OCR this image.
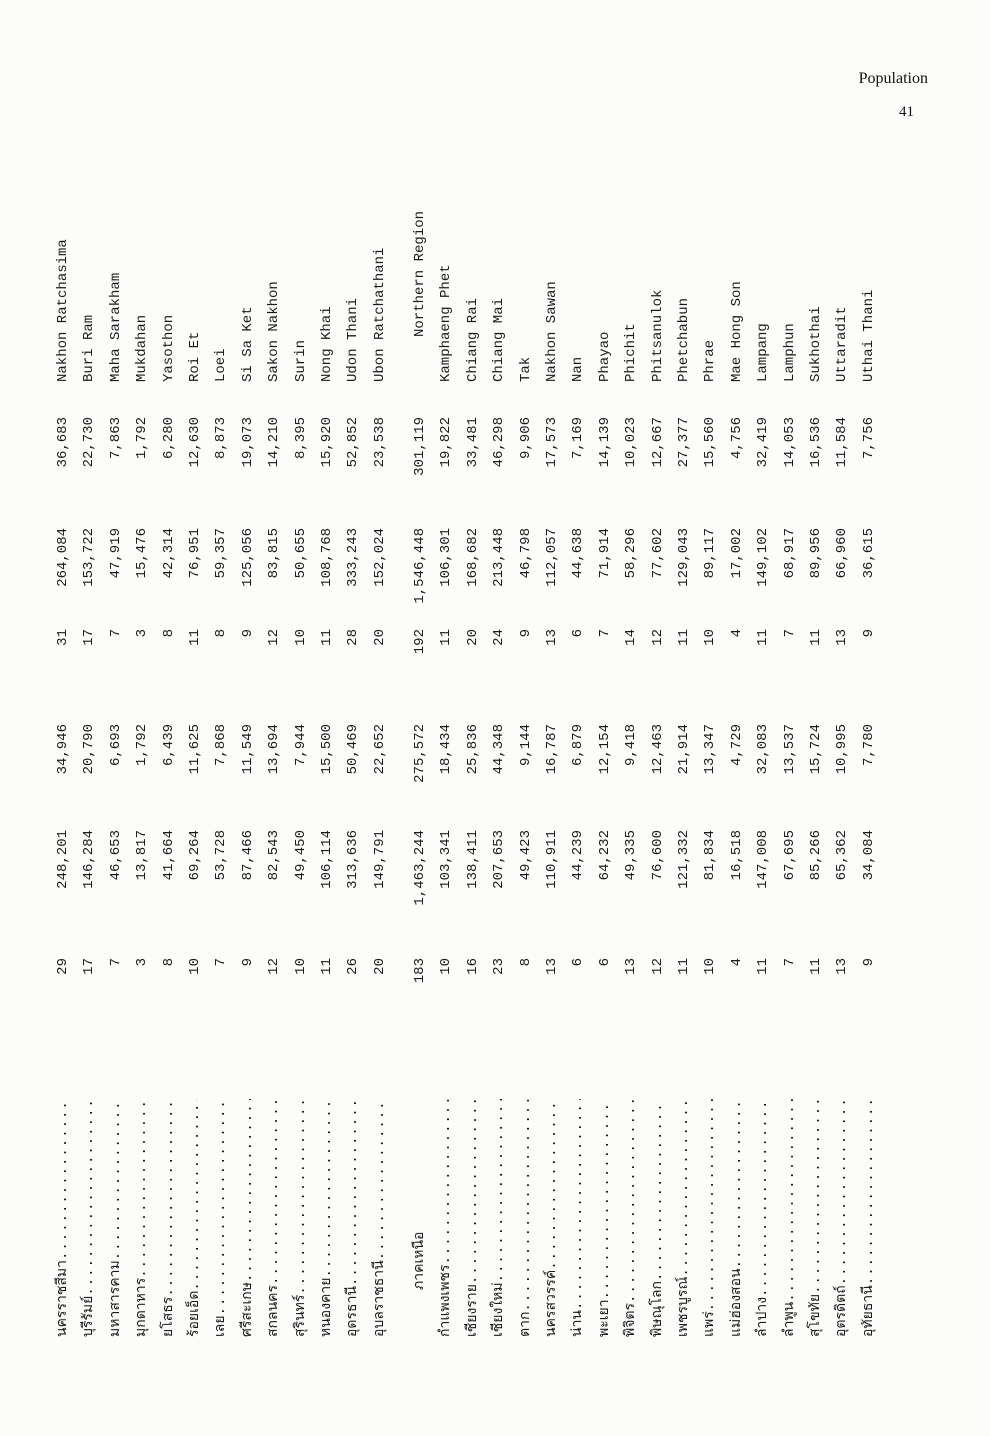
Population
41
นครราชสีมา
.....
29
248,201
34,946
31
264,084
36,683
Nakhon Ratchasima
บุรีรัมย์
.....
17
146,284
20,790
17
153,722
22,730
Buri Ram
มหาสารคาม
.....
7
46,653
6,693
7
47,919
7,863
Maha Sarakham
มุกดาหาร
.....
3
13,817
1,792
3
15,476
1,792
Mukdahan
ยโสธร
.....
8
41,664
6,439
8
42,314
6,280
Yasothon
ร้อยเอ็ด
.....
10
69,264
11,625
11
76,951
12,630
Roi Et
เลย
.....
7
53,728
7,868
8
59,357
8,873
Loei
ศรีสะเกษ
.....
9
87,466
11,549
9
125,056
19,073
Si Sa Ket
สกลนคร
.....
12
82,543
13,694
12
83,815
14,210
Sakon Nakhon
สุรินทร์
.....
10
49,450
7,944
10
50,655
8,395
Surin
หนองคาย
.....
11
106,114
15,500
11
108,768
15,920
Nong Khai
อุดรธานี
.....
26
313,636
50,469
28
333,243
52,852
Udon Thani
อุบลราชธานี
.....
20
149,791
22,652
20
152,024
23,538
Ubon Ratchathani
ภาคเหนือ
183
1,463,244
275,572
192
1,546,448
301,119
Northern Region
กำแพงเพชร
.....
10
103,341
18,434
11
106,301
19,822
Kamphaeng Phet
เชียงราย
.....
16
138,411
25,836
20
168,682
33,481
Chiang Rai
เชียงใหม่
.....
23
207,653
44,348
24
213,448
46,298
Chiang Mai
ตาก
.....
8
49,423
9,144
9
46,798
9,906
Tak
นครสวรรค์
.....
13
110,911
16,787
13
112,057
17,573
Nakhon Sawan
น่าน
.....
6
44,239
6,879
6
44,638
7,169
Nan
พะเยา
.....
6
64,232
12,154
7
71,914
14,139
Phayao
พิจิตร
.....
13
49,335
9,418
14
58,296
10,023
Phichit
พิษณุโลก
.....
12
76,600
12,463
12
77,602
12,667
Phitsanulok
เพชรบูรณ์
.....
11
121,332
21,914
11
129,043
27,377
Phetchabun
แพร่
.....
10
81,834
13,347
10
89,117
15,560
Phrae
แม่ฮ่องสอน
.....
4
16,518
4,729
4
17,002
4,756
Mae Hong Son
ลำปาง
.....
11
147,008
32,083
11
149,102
32,419
Lampang
ลำพูน
.....
7
67,695
13,537
7
68,917
14,053
Lamphun
สุโขทัย
.....
11
85,266
15,724
11
89,956
16,536
Sukhothai
อุตรดิตถ์
.....
13
65,362
10,995
13
66,960
11,584
Uttaradit
อุทัยธานี
.....
9
34,084
7,780
9
36,615
7,756
Uthai Thani
